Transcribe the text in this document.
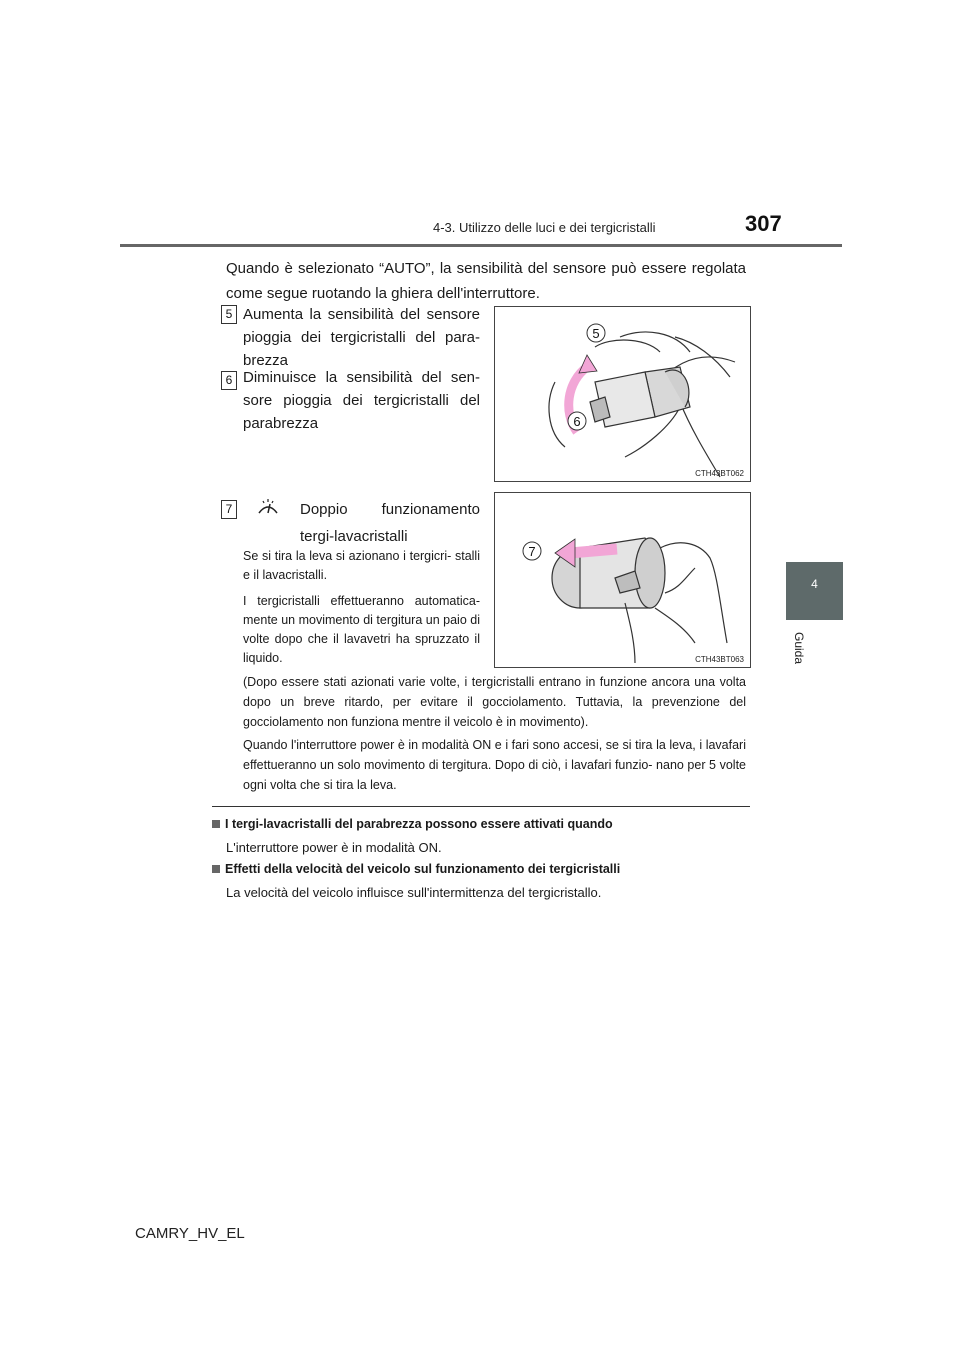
4-3. Utilizzo delle luci e dei tergicristalli	307
4
Guida
Quando è selezionato “AUTO”, la sensibilità del sensore può essere regolata come segue ruotando la ghiera dell'interruttore.
5 Aumenta la sensibilità del sensore pioggia dei tergicristalli del para- brezza
6 Diminuisce la sensibilità del sen- sore pioggia dei tergicristalli del parabrezza
5
6
CTH43BT062
7	Doppio funzionamento tergi-lavacristalli
Se si tira la leva si azionano i tergicri- stalli e il lavacristalli.
I tergicristalli effettueranno automatica- mente un movimento di tergitura un paio di volte dopo che il lavavetri ha spruzzato il liquido.
7
CTH43BT063
(Dopo essere stati azionati varie volte, i tergicristalli entrano in funzione ancora una volta dopo un breve ritardo, per evitare il gocciolamento. Tuttavia, la prevenzione del gocciolamento non funziona mentre il veicolo è in movimento).
Quando l'interruttore power è in modalità ON e i fari sono accesi, se si tira la leva, i lavafari effettueranno un solo movimento di tergitura. Dopo di ciò, i lavafari funzio- nano per 5 volte ogni volta che si tira la leva.
I tergi-lavacristalli del parabrezza possono essere attivati quando
L'interruttore power è in modalità ON.
Effetti della velocità del veicolo sul funzionamento dei tergicristalli
La velocità del veicolo influisce sull'intermittenza del tergicristallo.
CAMRY_HV_EL
